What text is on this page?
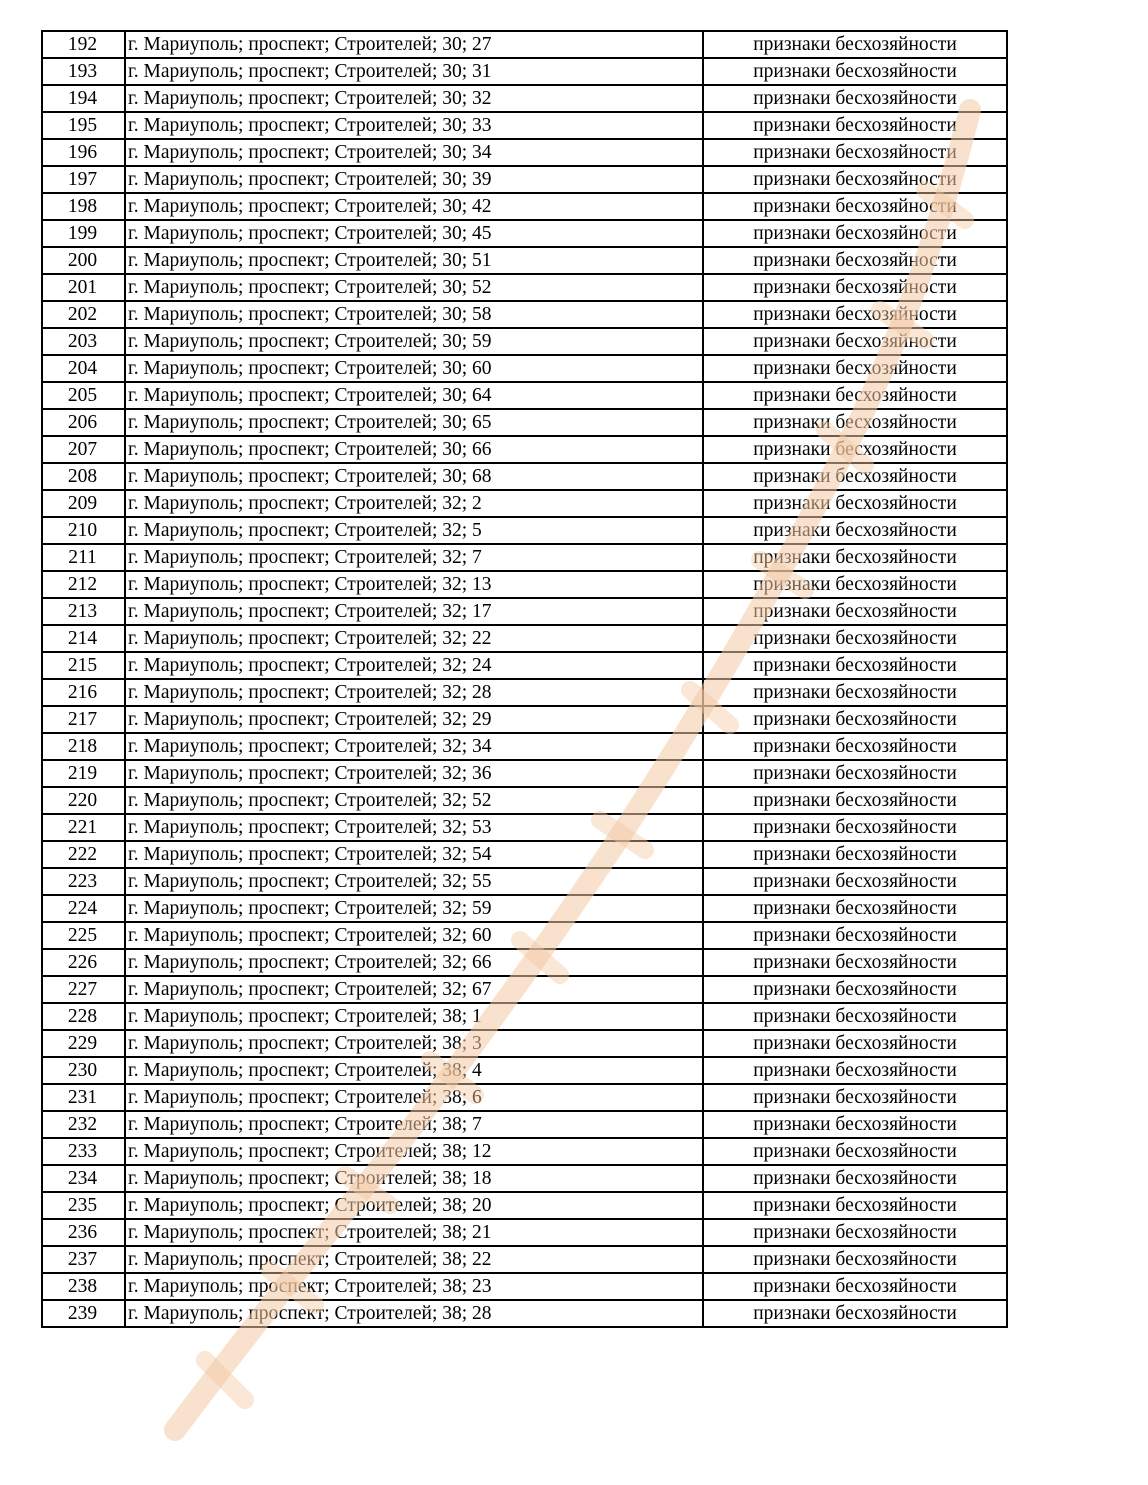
192	г. Мариуполь; проспект; Строителей; 30; 27	признаки бесхозяйности
193	г. Мариуполь; проспект; Строителей; 30; 31	признаки бесхозяйности
194	г. Мариуполь; проспект; Строителей; 30; 32	признаки бесхозяйности
195	г. Мариуполь; проспект; Строителей; 30; 33	признаки бесхозяйности
196	г. Мариуполь; проспект; Строителей; 30; 34	признаки бесхозяйности
197	г. Мариуполь; проспект; Строителей; 30; 39	признаки бесхозяйности
198	г. Мариуполь; проспект; Строителей; 30; 42	признаки бесхозяйности
199	г. Мариуполь; проспект; Строителей; 30; 45	признаки бесхозяйности
200	г. Мариуполь; проспект; Строителей; 30; 51	признаки бесхозяйности
201	г. Мариуполь; проспект; Строителей; 30; 52	признаки бесхозяйности
202	г. Мариуполь; проспект; Строителей; 30; 58	признаки бесхозяйности
203	г. Мариуполь; проспект; Строителей; 30; 59	признаки бесхозяйности
204	г. Мариуполь; проспект; Строителей; 30; 60	признаки бесхозяйности
205	г. Мариуполь; проспект; Строителей; 30; 64	признаки бесхозяйности
206	г. Мариуполь; проспект; Строителей; 30; 65	признаки бесхозяйности
207	г. Мариуполь; проспект; Строителей; 30; 66	признаки бесхозяйности
208	г. Мариуполь; проспект; Строителей; 30; 68	признаки бесхозяйности
209	г. Мариуполь; проспект; Строителей; 32; 2	признаки бесхозяйности
210	г. Мариуполь; проспект; Строителей; 32; 5	признаки бесхозяйности
211	г. Мариуполь; проспект; Строителей; 32; 7	признаки бесхозяйности
212	г. Мариуполь; проспект; Строителей; 32; 13	признаки бесхозяйности
213	г. Мариуполь; проспект; Строителей; 32; 17	признаки бесхозяйности
214	г. Мариуполь; проспект; Строителей; 32; 22	признаки бесхозяйности
215	г. Мариуполь; проспект; Строителей; 32; 24	признаки бесхозяйности
216	г. Мариуполь; проспект; Строителей; 32; 28	признаки бесхозяйности
217	г. Мариуполь; проспект; Строителей; 32; 29	признаки бесхозяйности
218	г. Мариуполь; проспект; Строителей; 32; 34	признаки бесхозяйности
219	г. Мариуполь; проспект; Строителей; 32; 36	признаки бесхозяйности
220	г. Мариуполь; проспект; Строителей; 32; 52	признаки бесхозяйности
221	г. Мариуполь; проспект; Строителей; 32; 53	признаки бесхозяйности
222	г. Мариуполь; проспект; Строителей; 32; 54	признаки бесхозяйности
223	г. Мариуполь; проспект; Строителей; 32; 55	признаки бесхозяйности
224	г. Мариуполь; проспект; Строителей; 32; 59	признаки бесхозяйности
225	г. Мариуполь; проспект; Строителей; 32; 60	признаки бесхозяйности
226	г. Мариуполь; проспект; Строителей; 32; 66	признаки бесхозяйности
227	г. Мариуполь; проспект; Строителей; 32; 67	признаки бесхозяйности
228	г. Мариуполь; проспект; Строителей; 38; 1	признаки бесхозяйности
229	г. Мариуполь; проспект; Строителей; 38; 3	признаки бесхозяйности
230	г. Мариуполь; проспект; Строителей; 38; 4	признаки бесхозяйности
231	г. Мариуполь; проспект; Строителей; 38; 6	признаки бесхозяйности
232	г. Мариуполь; проспект; Строителей; 38; 7	признаки бесхозяйности
233	г. Мариуполь; проспект; Строителей; 38; 12	признаки бесхозяйности
234	г. Мариуполь; проспект; Строителей; 38; 18	признаки бесхозяйности
235	г. Мариуполь; проспект; Строителей; 38; 20	признаки бесхозяйности
236	г. Мариуполь; проспект; Строителей; 38; 21	признаки бесхозяйности
237	г. Мариуполь; проспект; Строителей; 38; 22	признаки бесхозяйности
238	г. Мариуполь; проспект; Строителей; 38; 23	признаки бесхозяйности
239	г. Мариуполь; проспект; Строителей; 38; 28	признаки бесхозяйности
